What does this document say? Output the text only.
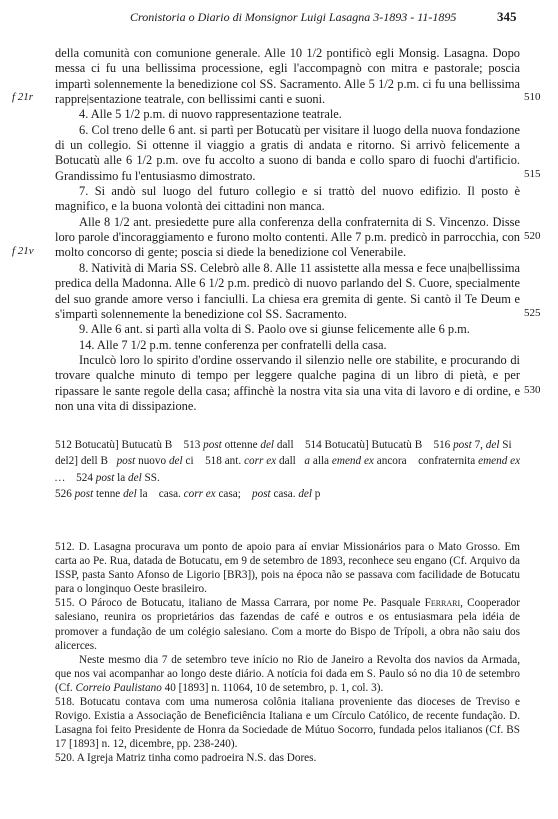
Cronistoria o Diario di Monsignor Luigi Lasagna 3-1893 - 11-1895	345
f 21r
f 21v
510
515
520
525
530

della comunità con comunione generale. Alle 10 1/2 pontificò egli Monsig. Lasagna. Dopo messa ci fu una bellissima processione, egli l'accompagnò con mitra e pastorale; poscia impartì solennemente la benedizione col SS. Sacramento. Alle 5 1/2 p.m. ci fu una bellissima rappre|sentazione teatrale, con bellissimi canti e suoni.

4. Alle 5 1/2 p.m. di nuovo rappresentazione teatrale.

6. Col treno delle 6 ant. si partì per Botucatù per visitare il luogo della nuova fondazione di un collegio. Si ottenne il viaggio a gratis di andata e ritorno. Si arrivò felicemente a Botucatù alle 6 1/2 p.m. ove fu accolto a suono di banda e collo sparo di fuochi d'artificio. Grandissimo fu l'entusiasmo dimostrato.

7. Si andò sul luogo del futuro collegio e si trattò del nuovo edifizio. Il posto è magnifico, e la buona volontà dei cittadini non manca.

Alle 8 1/2 ant. presiedette pure alla conferenza della confraternita di S. Vincenzo. Disse loro parole d'incoraggiamento e furono molto contenti. Alle 7 p.m. predicò in parrocchia, con molto concorso di gente; poscia si diede la benedizione col Venerabile.

8. Natività di Maria SS. Celebrò alle 8. Alle 11 assistette alla messa e fece una|bellissima predica della Madonna. Alle 6 1/2 p.m. predicò di nuovo parlando del S. Cuore, specialmente del suo grande amore verso i fanciulli. La chiesa era gremita di gente. Si cantò il Te Deum e s'impartì solennemente la benedizione col SS. Sacramento.

9. Alle 6 ant. si partì alla volta di S. Paolo ove si giunse felicemente alle 6 p.m.

14. Alle 7 1/2 p.m. tenne conferenza per confratelli della casa.

Inculcò loro lo spirito d'ordine osservando il silenzio nelle ore stabilite, e procurando di trovare qualche minuto di tempo per leggere qualche pagina di un libro di pietà, e per ripassare le sante regole della casa; affinchè la nostra vita sia una vita di lavoro e di ordine, e non una vita di dissipazione.

512 Botucatù] Butucatù B 513 post ottenne del dall 514 Botucatù] Butucatù B 516 post 7, del Si    del2] dell B post nuovo del ci 518 ant. corr ex dall a alla emend ex ancora confraternita emend ex … 524 post la del SS.
526 post tenne del la casa. corr ex casa; post casa. del p

512. D. Lasagna procurava um ponto de apoio para aí enviar Missionários para o Mato Grosso. Em carta ao Pe. Rua, datada de Botucatu, em 9 de setembro de 1893, reconhece seu engano (Cf. Arquivo da ISSP, pasta Santo Afonso de Ligorio [BR3]), pois na época não se passava com facilidade de Botucatu para o longinquo Oeste brasileiro.

515. O Pároco de Botucatu, italiano de Massa Carrara, por nome Pe. Pasquale Ferrari, Cooperador salesiano, reunira os proprietários das fazendas de café e outros e os entusiasmara pela idéia de promover a fundação de um colégio salesiano. Com a morte do Bispo de Trípoli, a obra não saiu dos alicerces.

Neste mesmo dia 7 de setembro teve início no Rio de Janeiro a Revolta dos navios da Armada, que nos vai acompanhar ao longo deste diário. A notícia foi dada em S. Paulo só no dia 10 de setembro (Cf. Correio Paulistano 40 [1893] n. 11064, 10 de setembro, p. 1, col. 3).

518. Botucatu contava com uma numerosa colônia italiana proveniente das dioceses de Treviso e Rovigo. Existia a Associação de Beneficiência Italiana e um Círculo Católico, de recente fundação. D. Lasagna foi feito Presidente de Honra da Sociedade de Mútuo Socorro, fundada pelos italianos (Cf. BS 17 [1893] n. 12, dicembre, pp. 238-240).

520. A Igreja Matriz tinha como padroeira N.S. das Dores.
